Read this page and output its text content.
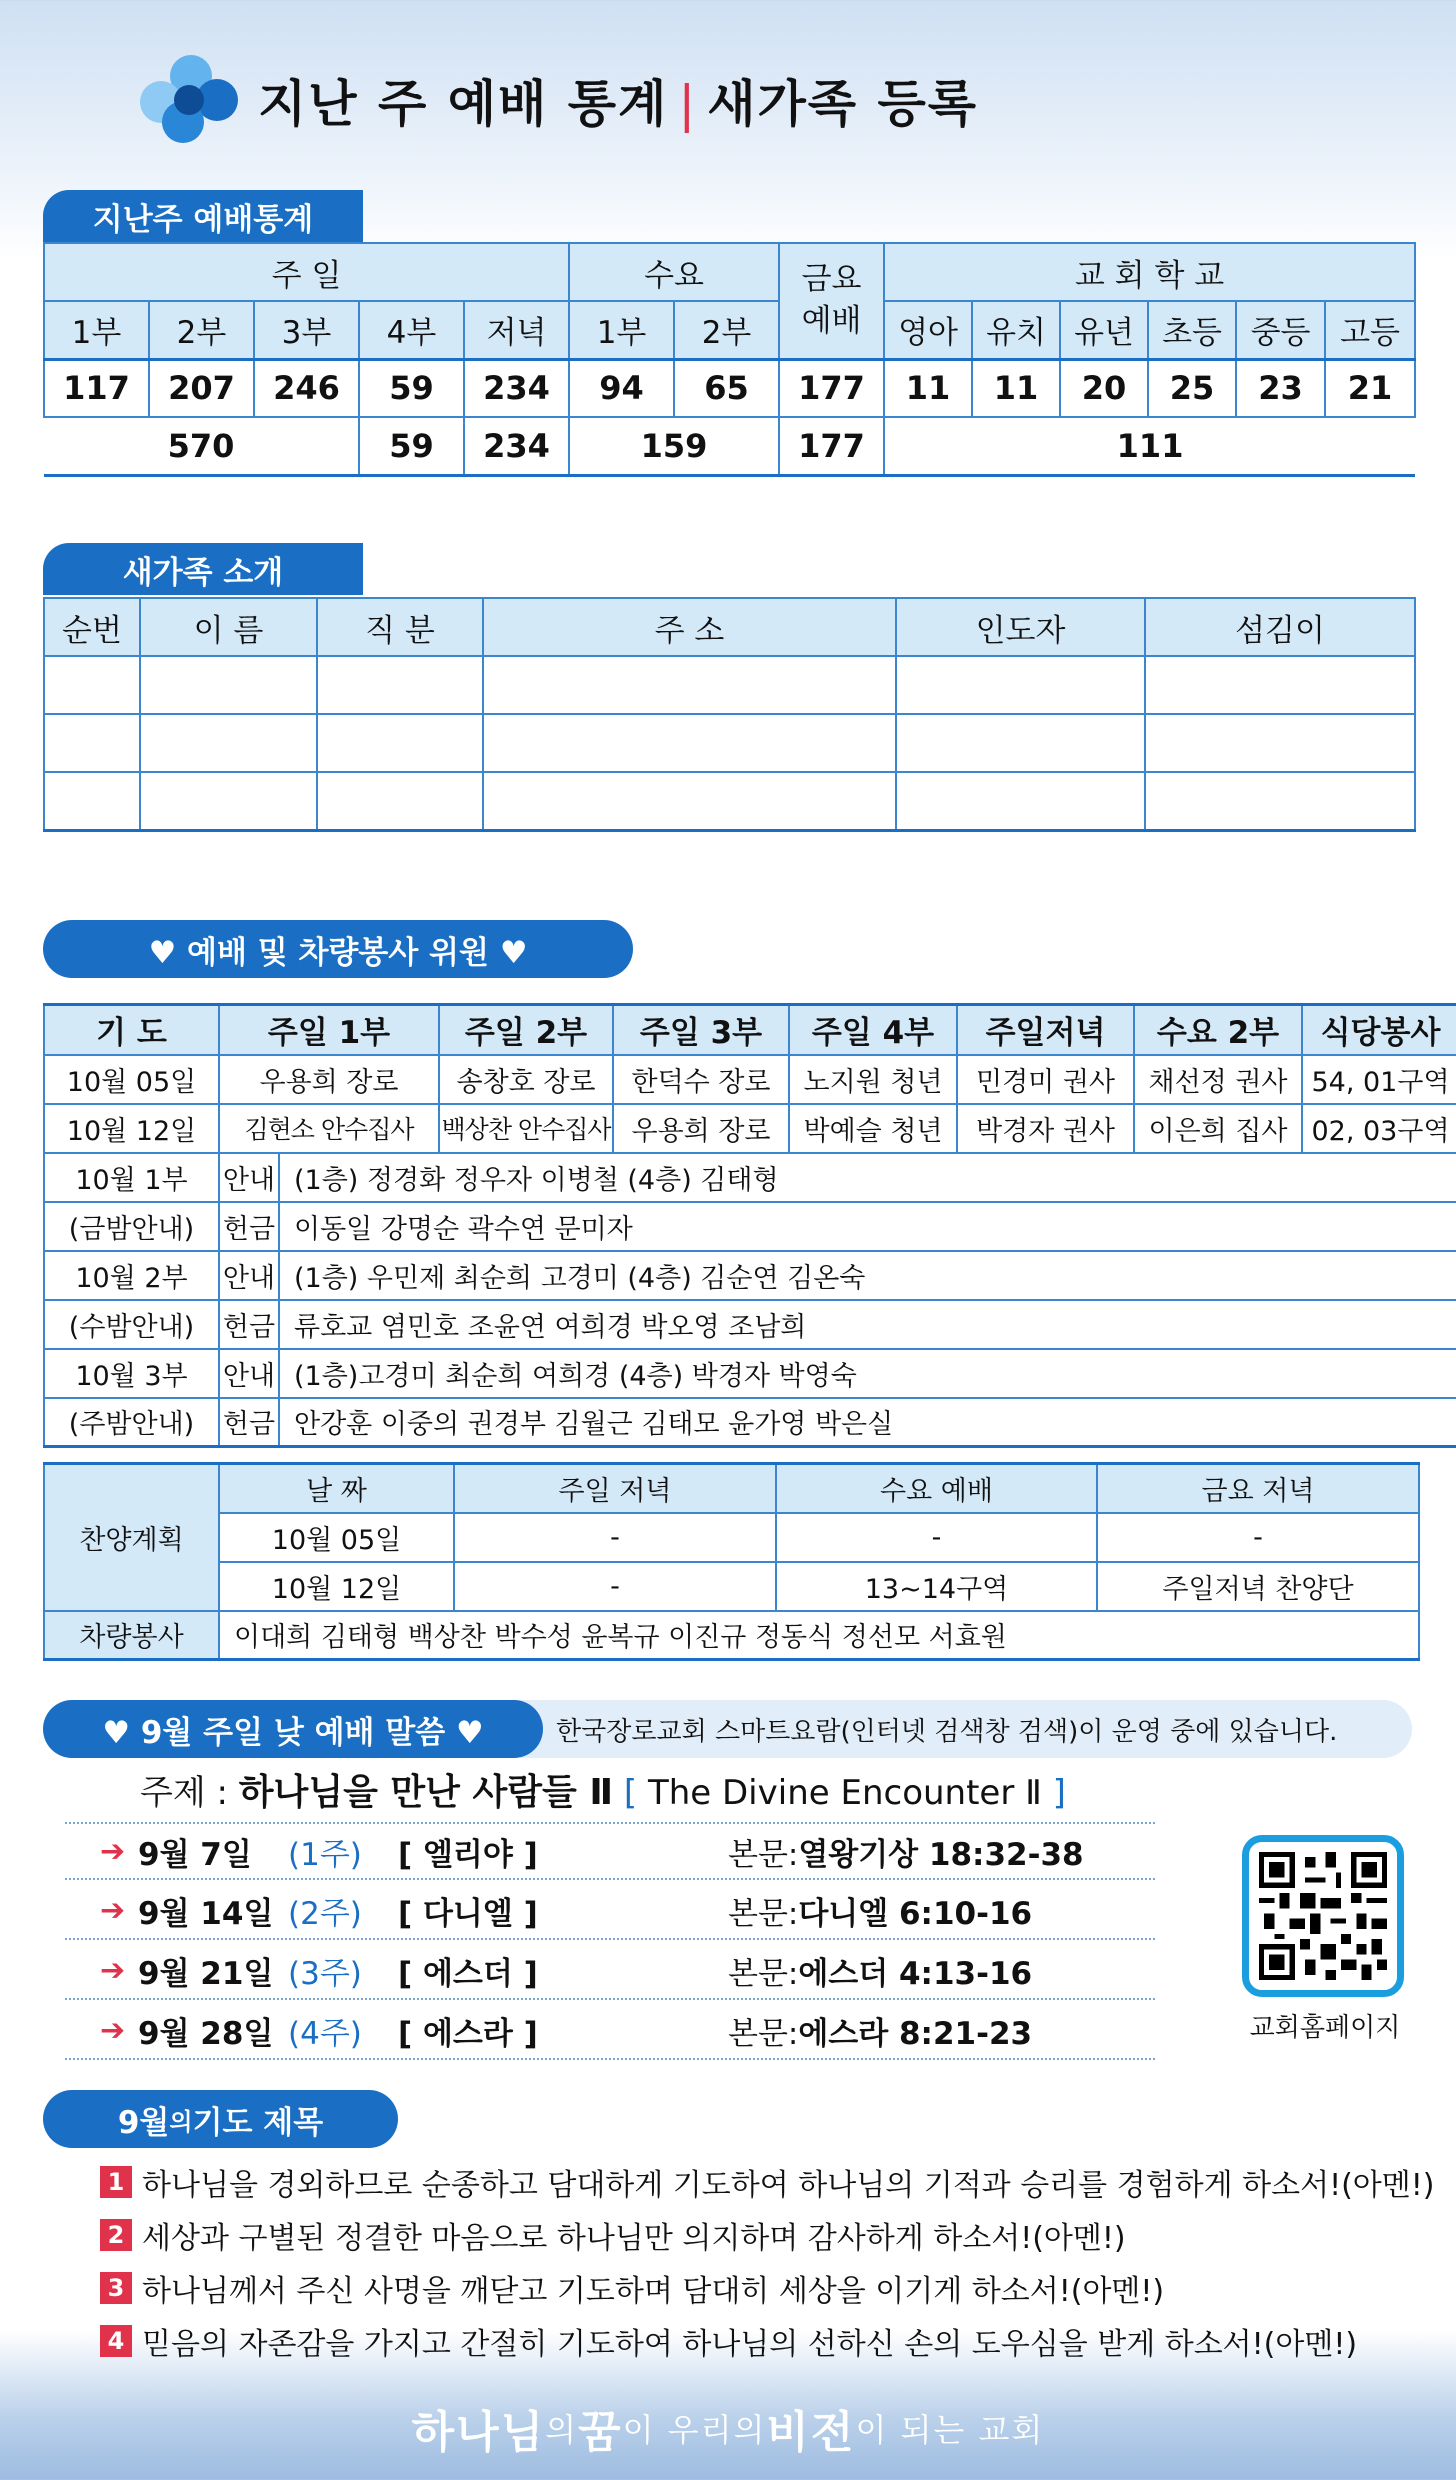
지난 주 예배 통계 | 새가족 등록
지난주 예배통계
주 일					수요		금요
예배	교 회 학 교					
1부	2부	3부	4부	저녁	1부	2부		영아	유치	유년	초등	중등	고등
117	207	246	59	234	94	65	177	11	11	20	25	23	21
570			59	234	159		177	111					
새가족 소개
순번	이 름	직 분	주 소	인도자	섬김이

♥ 예배 및 차량봉사 위원 ♥
기 도	주일 1부		주일 2부	주일 3부	주일 4부	주일저녁	수요 2부	식당봉사
10월 05일	우용희 장로		송창호 장로	한덕수 장로	노지원 청년	민경미 권사	채선정 권사	54, 01구역
10월 12일	김현소 안수집사		백상찬 안수집사	우용희 장로	박예슬 청년	박경자 권사	이은희 집사	02, 03구역
10월 1부	안내	(1층) 정경화 정우자 이병철 (4층) 김태형						
(금밤안내)	헌금	이동일 강명순 곽수연 문미자						
10월 2부	안내	(1층) 우민제 최순희 고경미 (4층) 김순연 김온숙						
(수밤안내)	헌금	류호교 염민호 조윤연 여희경 박오영 조남희						
10월 3부	안내	(1층)고경미 최순희 여희경 (4층) 박경자 박영숙						
(주밤안내)	헌금	안강훈 이중의 권경부 김월근 김태모 윤가영 박은실						
찬양계획	날 짜	주일 저녁	수요 예배	금요 저녁
	10월 05일	-	-	-
	10월 12일	-	13~14구역	주일저녁 찬양단
차량봉사	이대희 김태형 백상찬 박수성 윤복규 이진규 정동식 정선모 서효원			
한국장로교회 스마트요람(인터넷 검색창 검색)이 운영 중에 있습니다.
♥ 9월 주일 낮 예배 말씀 ♥
주제 : 하나님을 만난 사람들 Ⅱ [ The Divine Encounter Ⅱ ]
➔ 9월 7일	(1주)	[ 엘리야 ]	본문: 열왕기상 18:32-38
➔ 9월 14일 (2주)	[ 다니엘 ]	본문: 다니엘 6:10-16
➔ 9월 21일 (3주)	[ 에스더 ]	본문: 에스더 4:13-16
➔ 9월 28일 (4주)	[ 에스라 ]	본문: 에스라 8:21-23	교회홈페이지
9월 의 기도 제목
1 하나님을 경외하므로 순종하고 담대하게 기도하여 하나님의 기적과 승리를 경험하게 하소서!(아멘!)
2 세상과 구별된 정결한 마음으로 하나님만 의지하며 감사하게 하소서!(아멘!)
3 하나님께서 주신 사명을 깨닫고 기도하며 담대히 세상을 이기게 하소서!(아멘!)
4 믿음의 자존감을 가지고 간절히 기도하여 하나님의 선하신 손의 도우심을 받게 하소서!(아멘!)
하나님 의 꿈 이 우리의 비전 이 되는 교회
